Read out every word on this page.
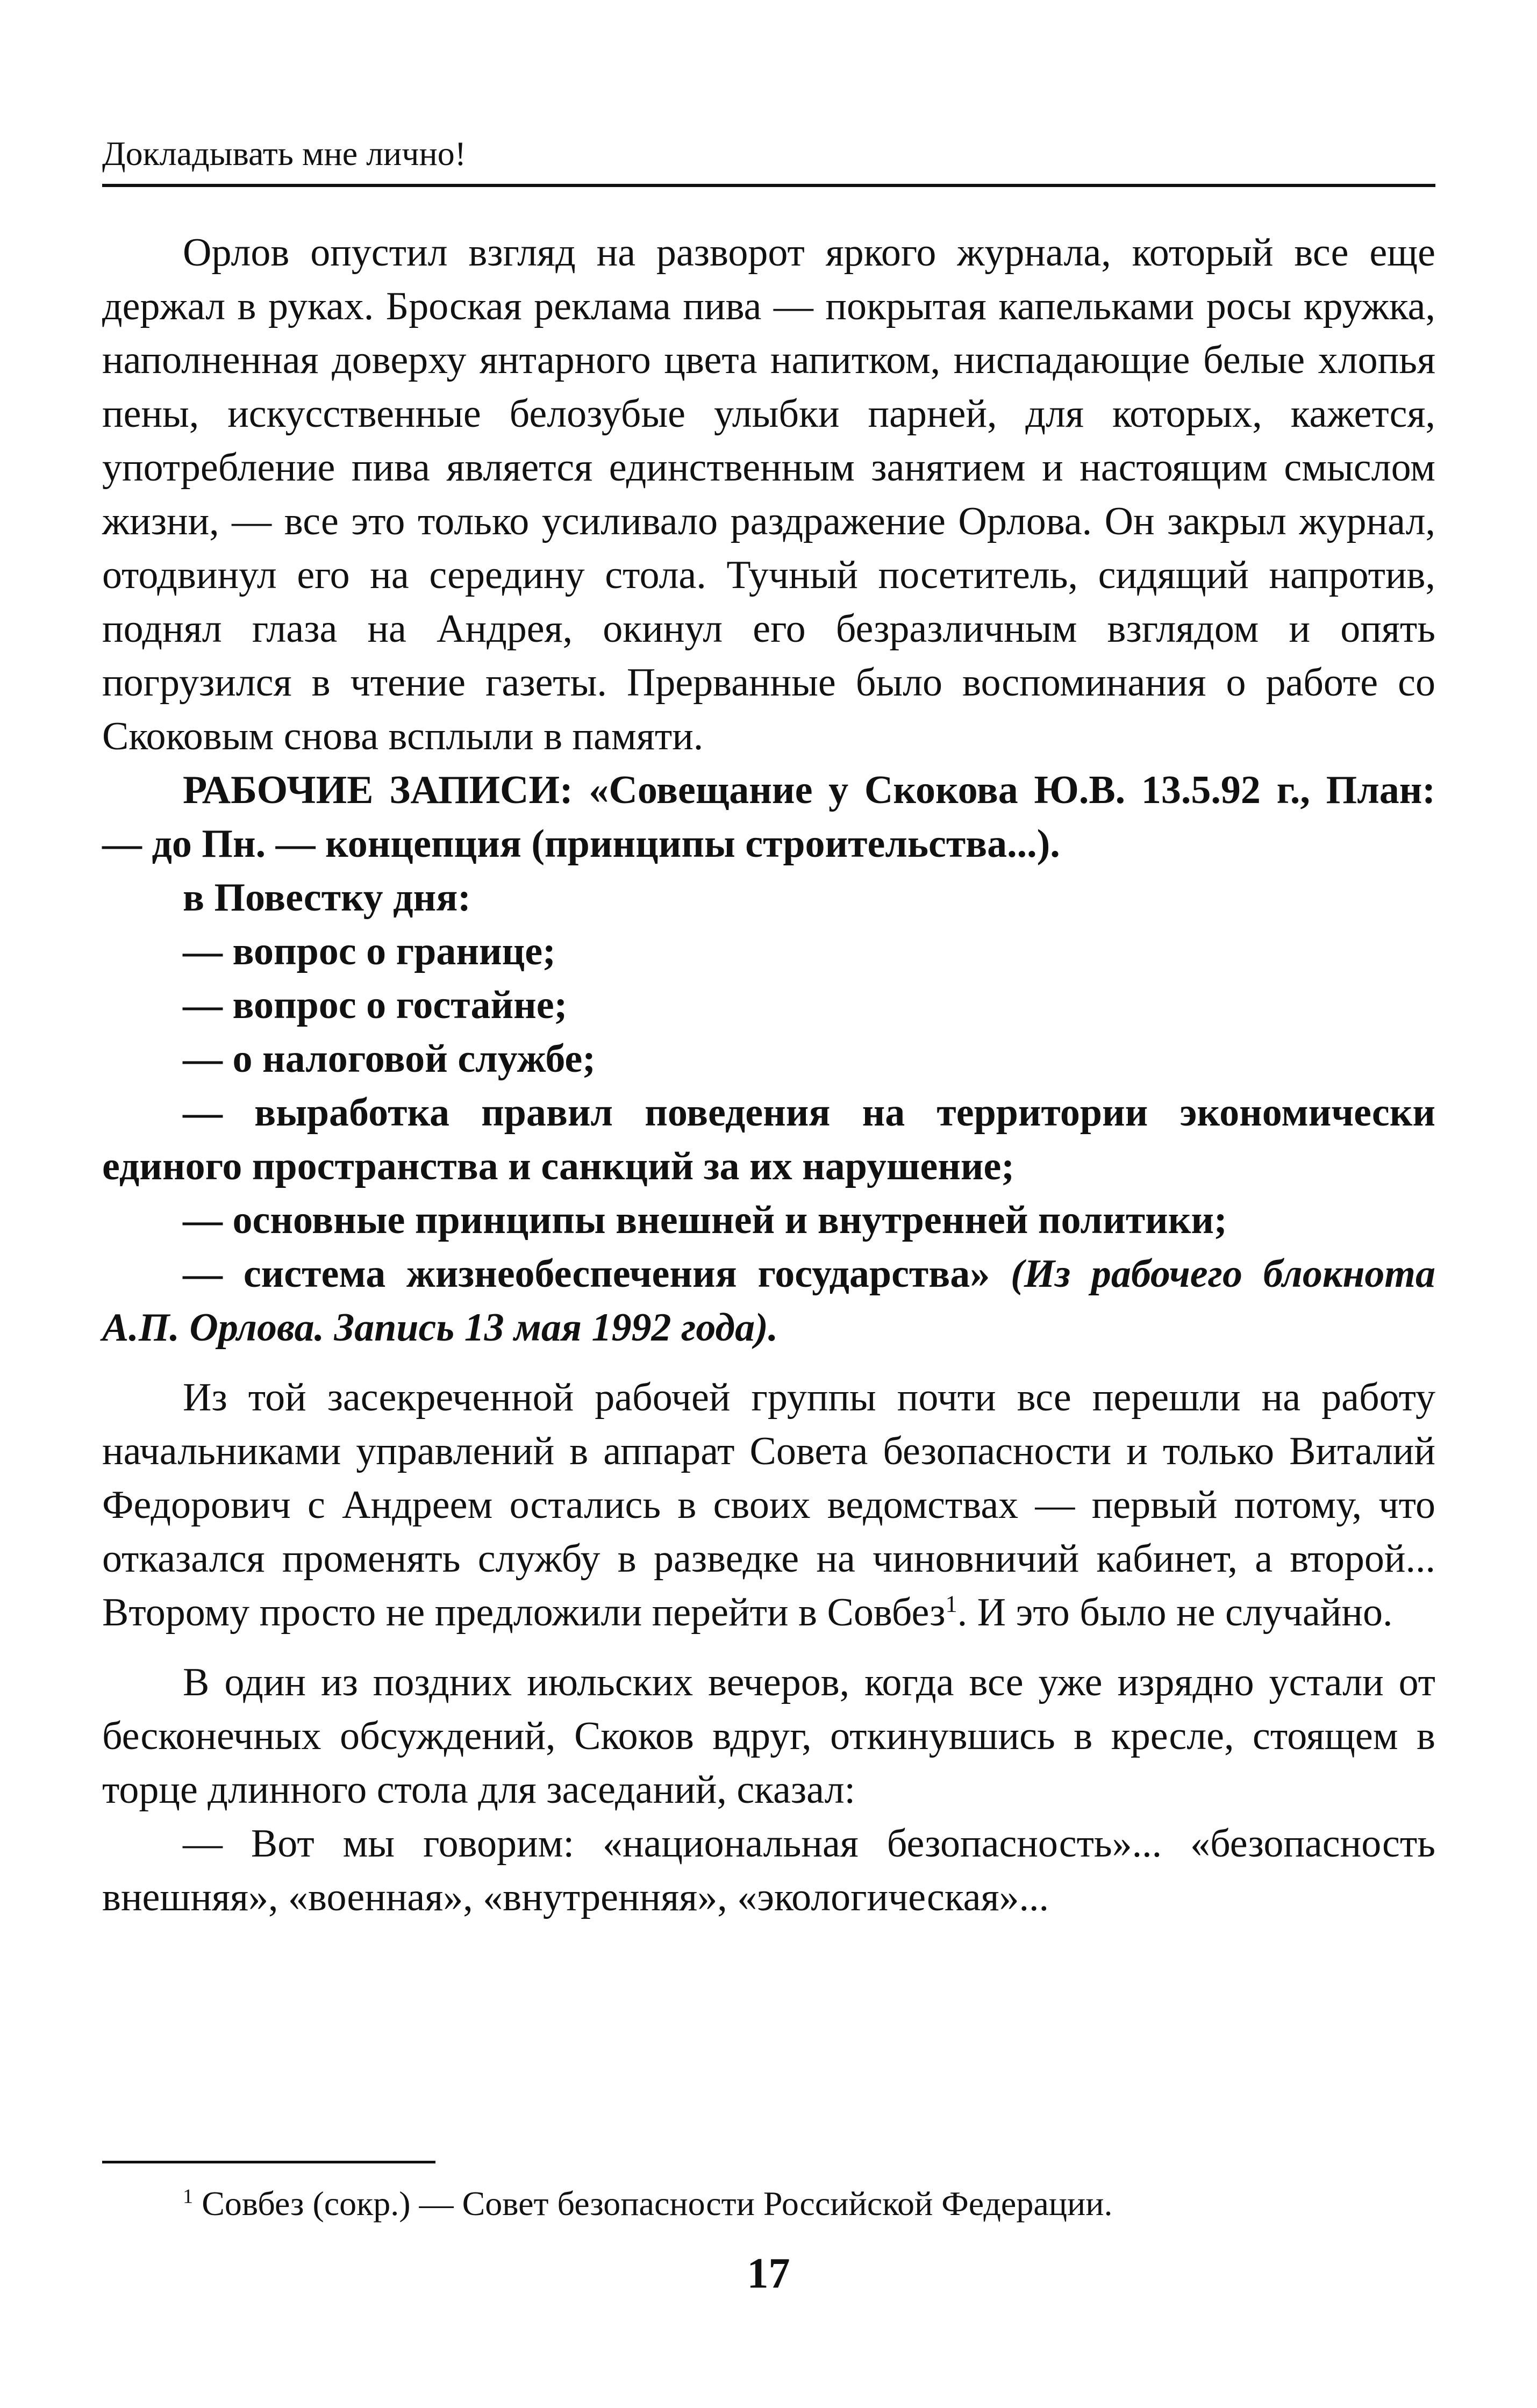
Докладывать мне лично!

Орлов опустил взгляд на разворот яркого журнала, который все еще держал в руках. Броская реклама пива — покрытая капельками росы кружка, наполненная доверху янтарного цвета напитком, ниспадающие белые хлопья пены, искусственные белозубые улыбки парней, для которых, кажется, употребление пива является единственным занятием и настоящим смыслом жизни, — все это только усиливало раздражение Орлова. Он закрыл журнал, отодвинул его на середину стола. Тучный посетитель, сидящий напротив, поднял глаза на Андрея, окинул его безразличным взглядом и опять погрузился в чтение газеты. Прерванные было воспоминания о работе со Скоковым снова всплыли в памяти.

РАБОЧИЕ ЗАПИСИ: «Совещание у Скокова Ю.В. 13.5.92 г., План: — до Пн. — концепция (принципы строительства...).

в Повестку дня:

— вопрос о границе;

— вопрос о гостайне;

— о налоговой службе;

— выработка правил поведения на территории экономически единого пространства и санкций за их нарушение;

— основные принципы внешней и внутренней политики;

— система жизнеобеспечения государства» (Из рабочего блокнота А.П. Орлова. Запись 13 мая 1992 года).

Из той засекреченной рабочей группы почти все перешли на работу начальниками управлений в аппарат Совета безопасности и только Виталий Федорович с Андреем остались в своих ведомствах — первый потому, что отказался променять службу в разведке на чиновничий кабинет, а второй... Второму просто не предложили перейти в Совбез$^1$. И это было не случайно.

В один из поздних июльских вечеров, когда все уже изрядно устали от бесконечных обсуждений, Скоков вдруг, откинувшись в кресле, стоящем в торце длинного стола для заседаний, сказал:

— Вот мы говорим: «национальная безопасность»... «безопасность внешняя», «военная», «внутренняя», «экологическая»...

$^1$ Совбез (сокр.) — Совет безопасности Российской Федерации.
17
